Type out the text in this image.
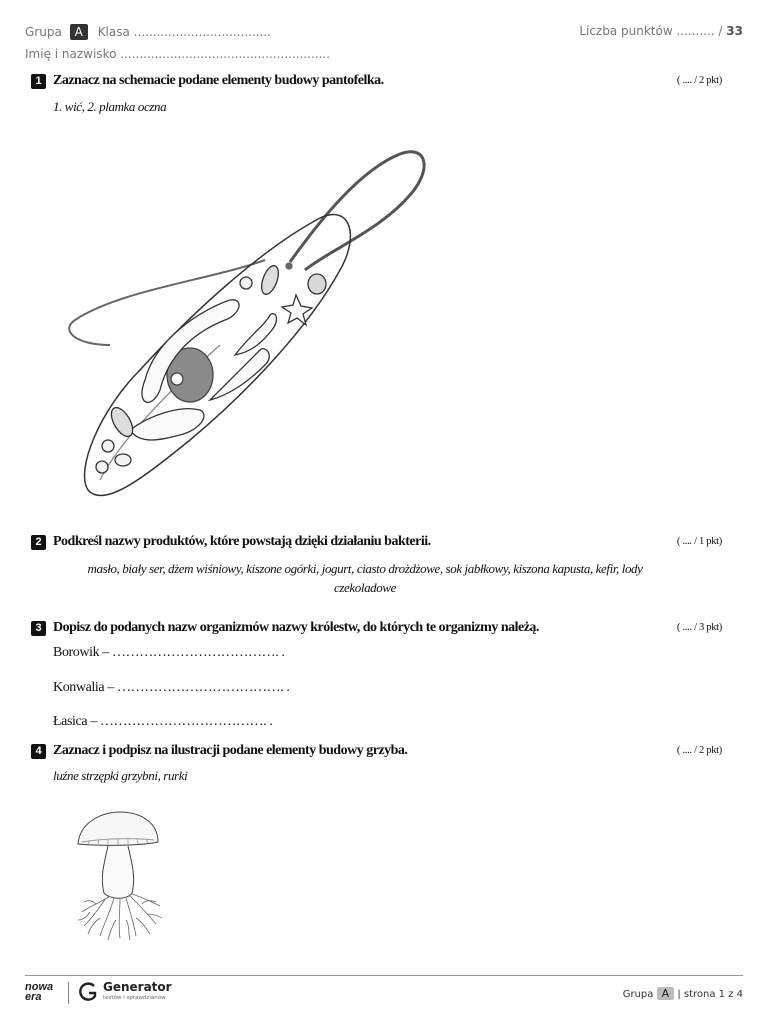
Grupa A Klasa ....................................
Imię i nazwisko .......................................................
Liczba punktów .......... / 33
1 Zaznacz na schemacie podane elementy budowy pantofelka.	( .... / 2 pkt)
1. wić, 2. plamka oczna
2 Podkreśl nazwy produktów, które powstają dzięki działaniu bakterii.	( .... / 1 pkt)
masło, biały ser, dżem wiśniowy, kiszone ogórki, jogurt, ciasto drożdżowe, sok jabłkowy, kiszona kapusta, kefir, lody
czekoladowe
3 Dopisz do podanych nazw organizmów nazwy królestw, do których te organizmy należą.	( .... / 3 pkt)
Borowik – ………………………………. .
Konwalia – ………………………………. .
Łasica – ………………………………. .
4 Zaznacz i podpisz na ilustracji podane elementy budowy grzyba.	( .... / 2 pkt)
luźne strzępki grzybni, rurki
nowa era
Generator
testów i sprawdzianów	Grupa A | strona 1 z 4
